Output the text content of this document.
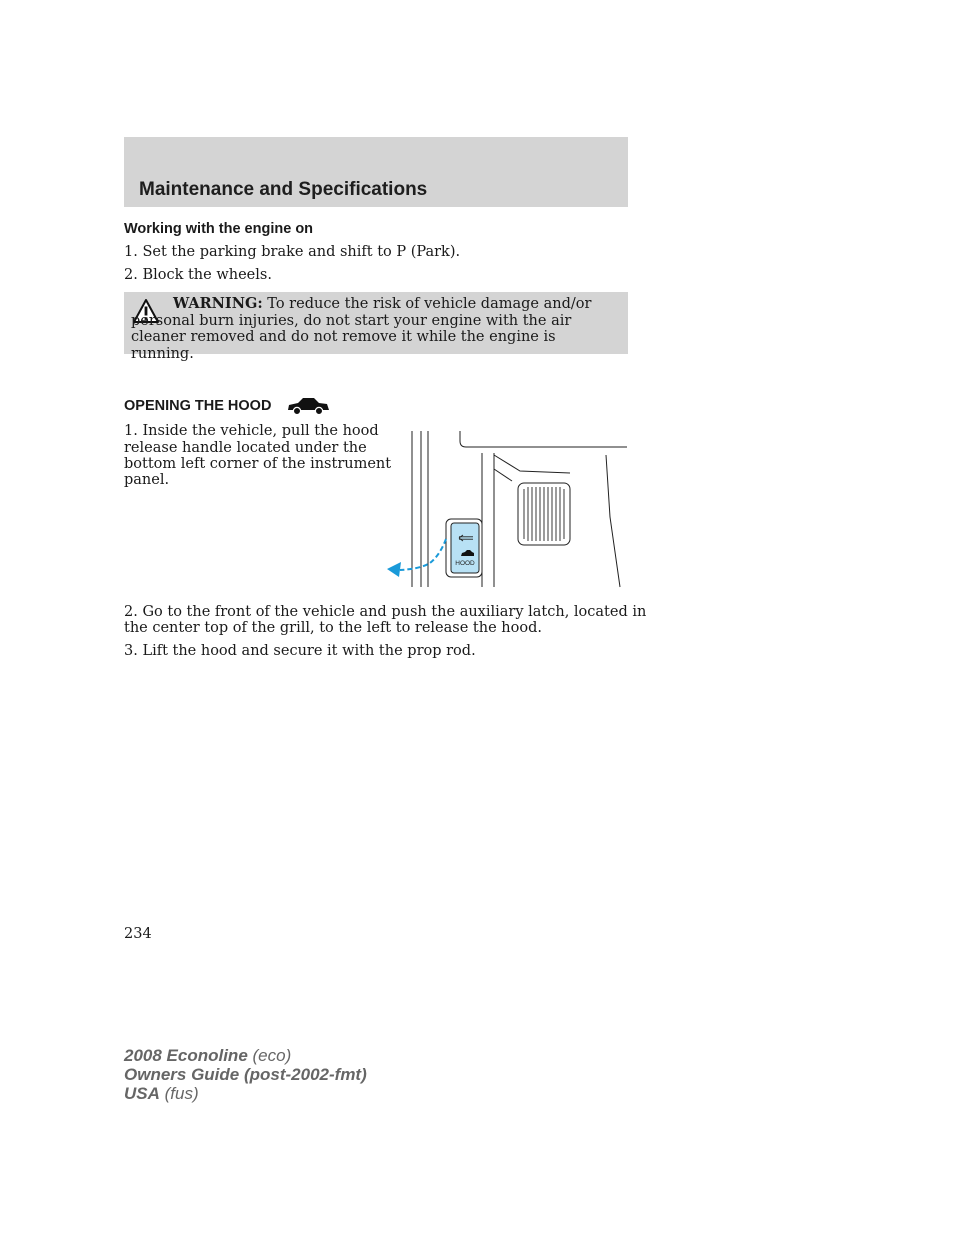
Maintenance and Specifications
Working with the engine on
1. Set the parking brake and shift to P (Park).
2. Block the wheels.
WARNING: To reduce the risk of vehicle damage and/or personal burn injuries, do not start your engine with the air cleaner removed and do not remove it while the engine is running.
OPENING THE HOOD
1. Inside the vehicle, pull the hood
release handle located under the
bottom left corner of the instrument
panel.
HOOD
2. Go to the front of the vehicle and push the auxiliary latch, located in
the center top of the grill, to the left to release the hood.
3. Lift the hood and secure it with the prop rod.
234
2008 Econoline (eco)
Owners Guide (post-2002-fmt)
USA (fus)
